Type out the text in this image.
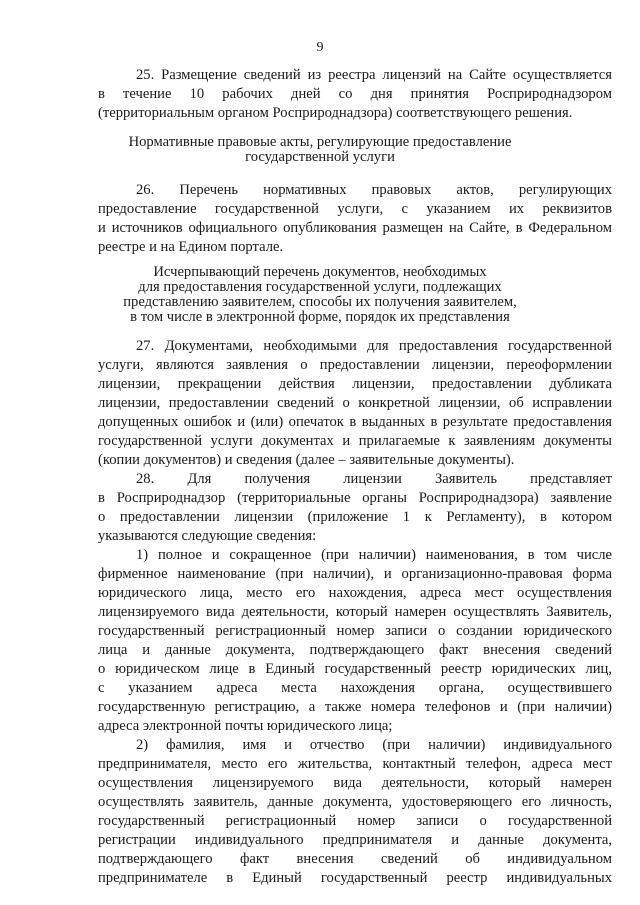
9
25. Размещение сведений из реестра лицензий на Сайте осуществляется
в течение 10 рабочих дней со дня принятия Росприроднадзором
(территориальным органом Росприроднадзора) соответствующего решения.
Нормативные правовые акты, регулирующие предоставление
государственной услуги
26. Перечень нормативных правовых актов, регулирующих
предоставление государственной услуги, с указанием их реквизитов
и источников официального опубликования размещен на Сайте, в Федеральном
реестре и на Едином портале.
Исчерпывающий перечень документов, необходимых
для предоставления государственной услуги, подлежащих
представлению заявителем, способы их получения заявителем,
в том числе в электронной форме, порядок их представления
27. Документами, необходимыми для предоставления государственной
услуги, являются заявления о предоставлении лицензии, переоформлении
лицензии, прекращении действия лицензии, предоставлении дубликата
лицензии, предоставлении сведений о конкретной лицензии, об исправлении
допущенных ошибок и (или) опечаток в выданных в результате предоставления
государственной услуги документах и прилагаемые к заявлениям документы
(копии документов) и сведения (далее – заявительные документы).
28. Для получения лицензии Заявитель представляет
в Росприроднадзор (территориальные органы Росприроднадзора) заявление
о предоставлении лицензии (приложение 1 к Регламенту), в котором
указываются следующие сведения:
1) полное и сокращенное (при наличии) наименования, в том числе
фирменное наименование (при наличии), и организационно-правовая форма
юридического лица, место его нахождения, адреса мест осуществления
лицензируемого вида деятельности, который намерен осуществлять Заявитель,
государственный регистрационный номер записи о создании юридического
лица и данные документа, подтверждающего факт внесения сведений
о юридическом лице в Единый государственный реестр юридических лиц,
с указанием адреса места нахождения органа, осуществившего
государственную регистрацию, а также номера телефонов и (при наличии)
адреса электронной почты юридического лица;
2) фамилия, имя и отчество (при наличии) индивидуального
предпринимателя, место его жительства, контактный телефон, адреса мест
осуществления лицензируемого вида деятельности, который намерен
осуществлять заявитель, данные документа, удостоверяющего его личность,
государственный регистрационный номер записи о государственной
регистрации индивидуального предпринимателя и данные документа,
подтверждающего факт внесения сведений об индивидуальном
предпринимателе в Единый государственный реестр индивидуальных
